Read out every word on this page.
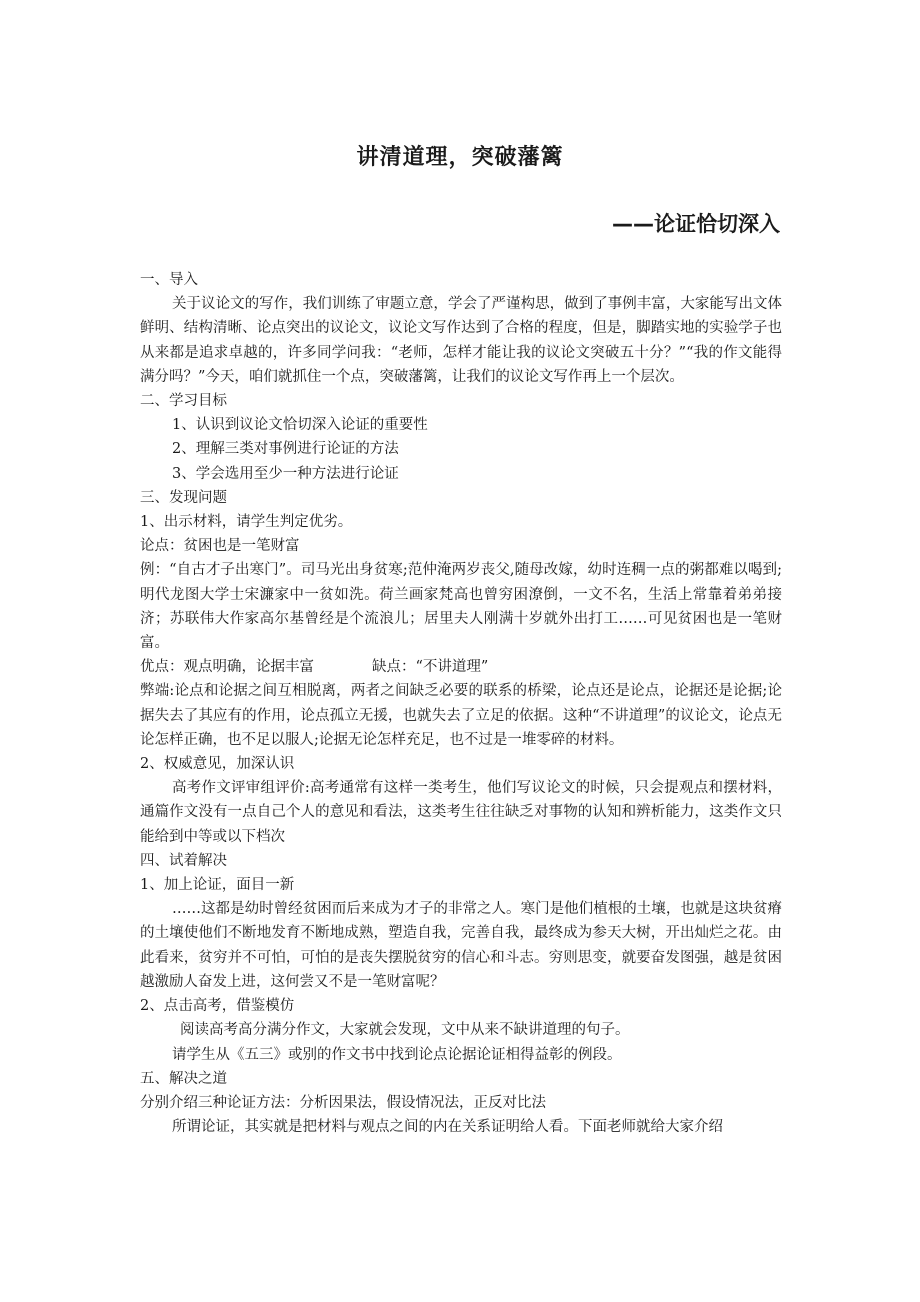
讲清道理，突破藩篱
——论证恰切深入
一、导入
关于议论文的写作，我们训练了审题立意，学会了严谨构思，做到了事例丰富，大家能写出文体鲜明、结构清晰、论点突出的议论文，议论文写作达到了合格的程度，但是，脚踏实地的实验学子也从来都是追求卓越的，许多同学问我：“老师，怎样才能让我的议论文突破五十分？”“我的作文能得满分吗？”今天，咱们就抓住一个点，突破藩篱，让我们的议论文写作再上一个层次。
二、学习目标
1、认识到议论文恰切深入论证的重要性
2、理解三类对事例进行论证的方法
3、学会选用至少一种方法进行论证
三、发现问题
1、出示材料，请学生判定优劣。
论点：贫困也是一笔财富
例：“自古才子出寒门”。司马光出身贫寒;范仲淹两岁丧父,随母改嫁，幼时连稠一点的粥都难以喝到;明代龙图大学士宋濂家中一贫如洗。荷兰画家梵高也曾穷困潦倒，一文不名，生活上常靠着弟弟接济；苏联伟大作家高尔基曾经是个流浪儿；居里夫人刚满十岁就外出打工……可见贫困也是一笔财富。
优点：观点明确，论据丰富	缺点：“不讲道理”
弊端:论点和论据之间互相脱离，两者之间缺乏必要的联系的桥梁，论点还是论点，论据还是论据;论据失去了其应有的作用，论点孤立无援，也就失去了立足的依据。这种“不讲道理”的议论文，论点无论怎样正确，也不足以服人;论据无论怎样充足，也不过是一堆零碎的材料。
2、权威意见，加深认识
高考作文评审组评价:高考通常有这样一类考生，他们写议论文的时候，只会提观点和摆材料，通篇作文没有一点自己个人的意见和看法，这类考生往往缺乏对事物的认知和辨析能力，这类作文只能给到中等或以下档次
四、试着解决
1、加上论证，面目一新
……这都是幼时曾经贫困而后来成为才子的非常之人。寒门是他们植根的土壤，也就是这块贫瘠的土壤使他们不断地发育不断地成熟，塑造自我，完善自我，最终成为参天大树，开出灿烂之花。由此看来，贫穷并不可怕，可怕的是丧失摆脱贫穷的信心和斗志。穷则思变，就要奋发图强，越是贫困越激励人奋发上进，这何尝又不是一笔财富呢？
2、点击高考，借鉴模仿
阅读高考高分满分作文，大家就会发现，文中从来不缺讲道理的句子。
请学生从《五三》或别的作文书中找到论点论据论证相得益彰的例段。
五、解决之道
分别介绍三种论证方法：分析因果法，假设情况法，正反对比法
所谓论证，其实就是把材料与观点之间的内在关系证明给人看。下面老师就给大家介绍
